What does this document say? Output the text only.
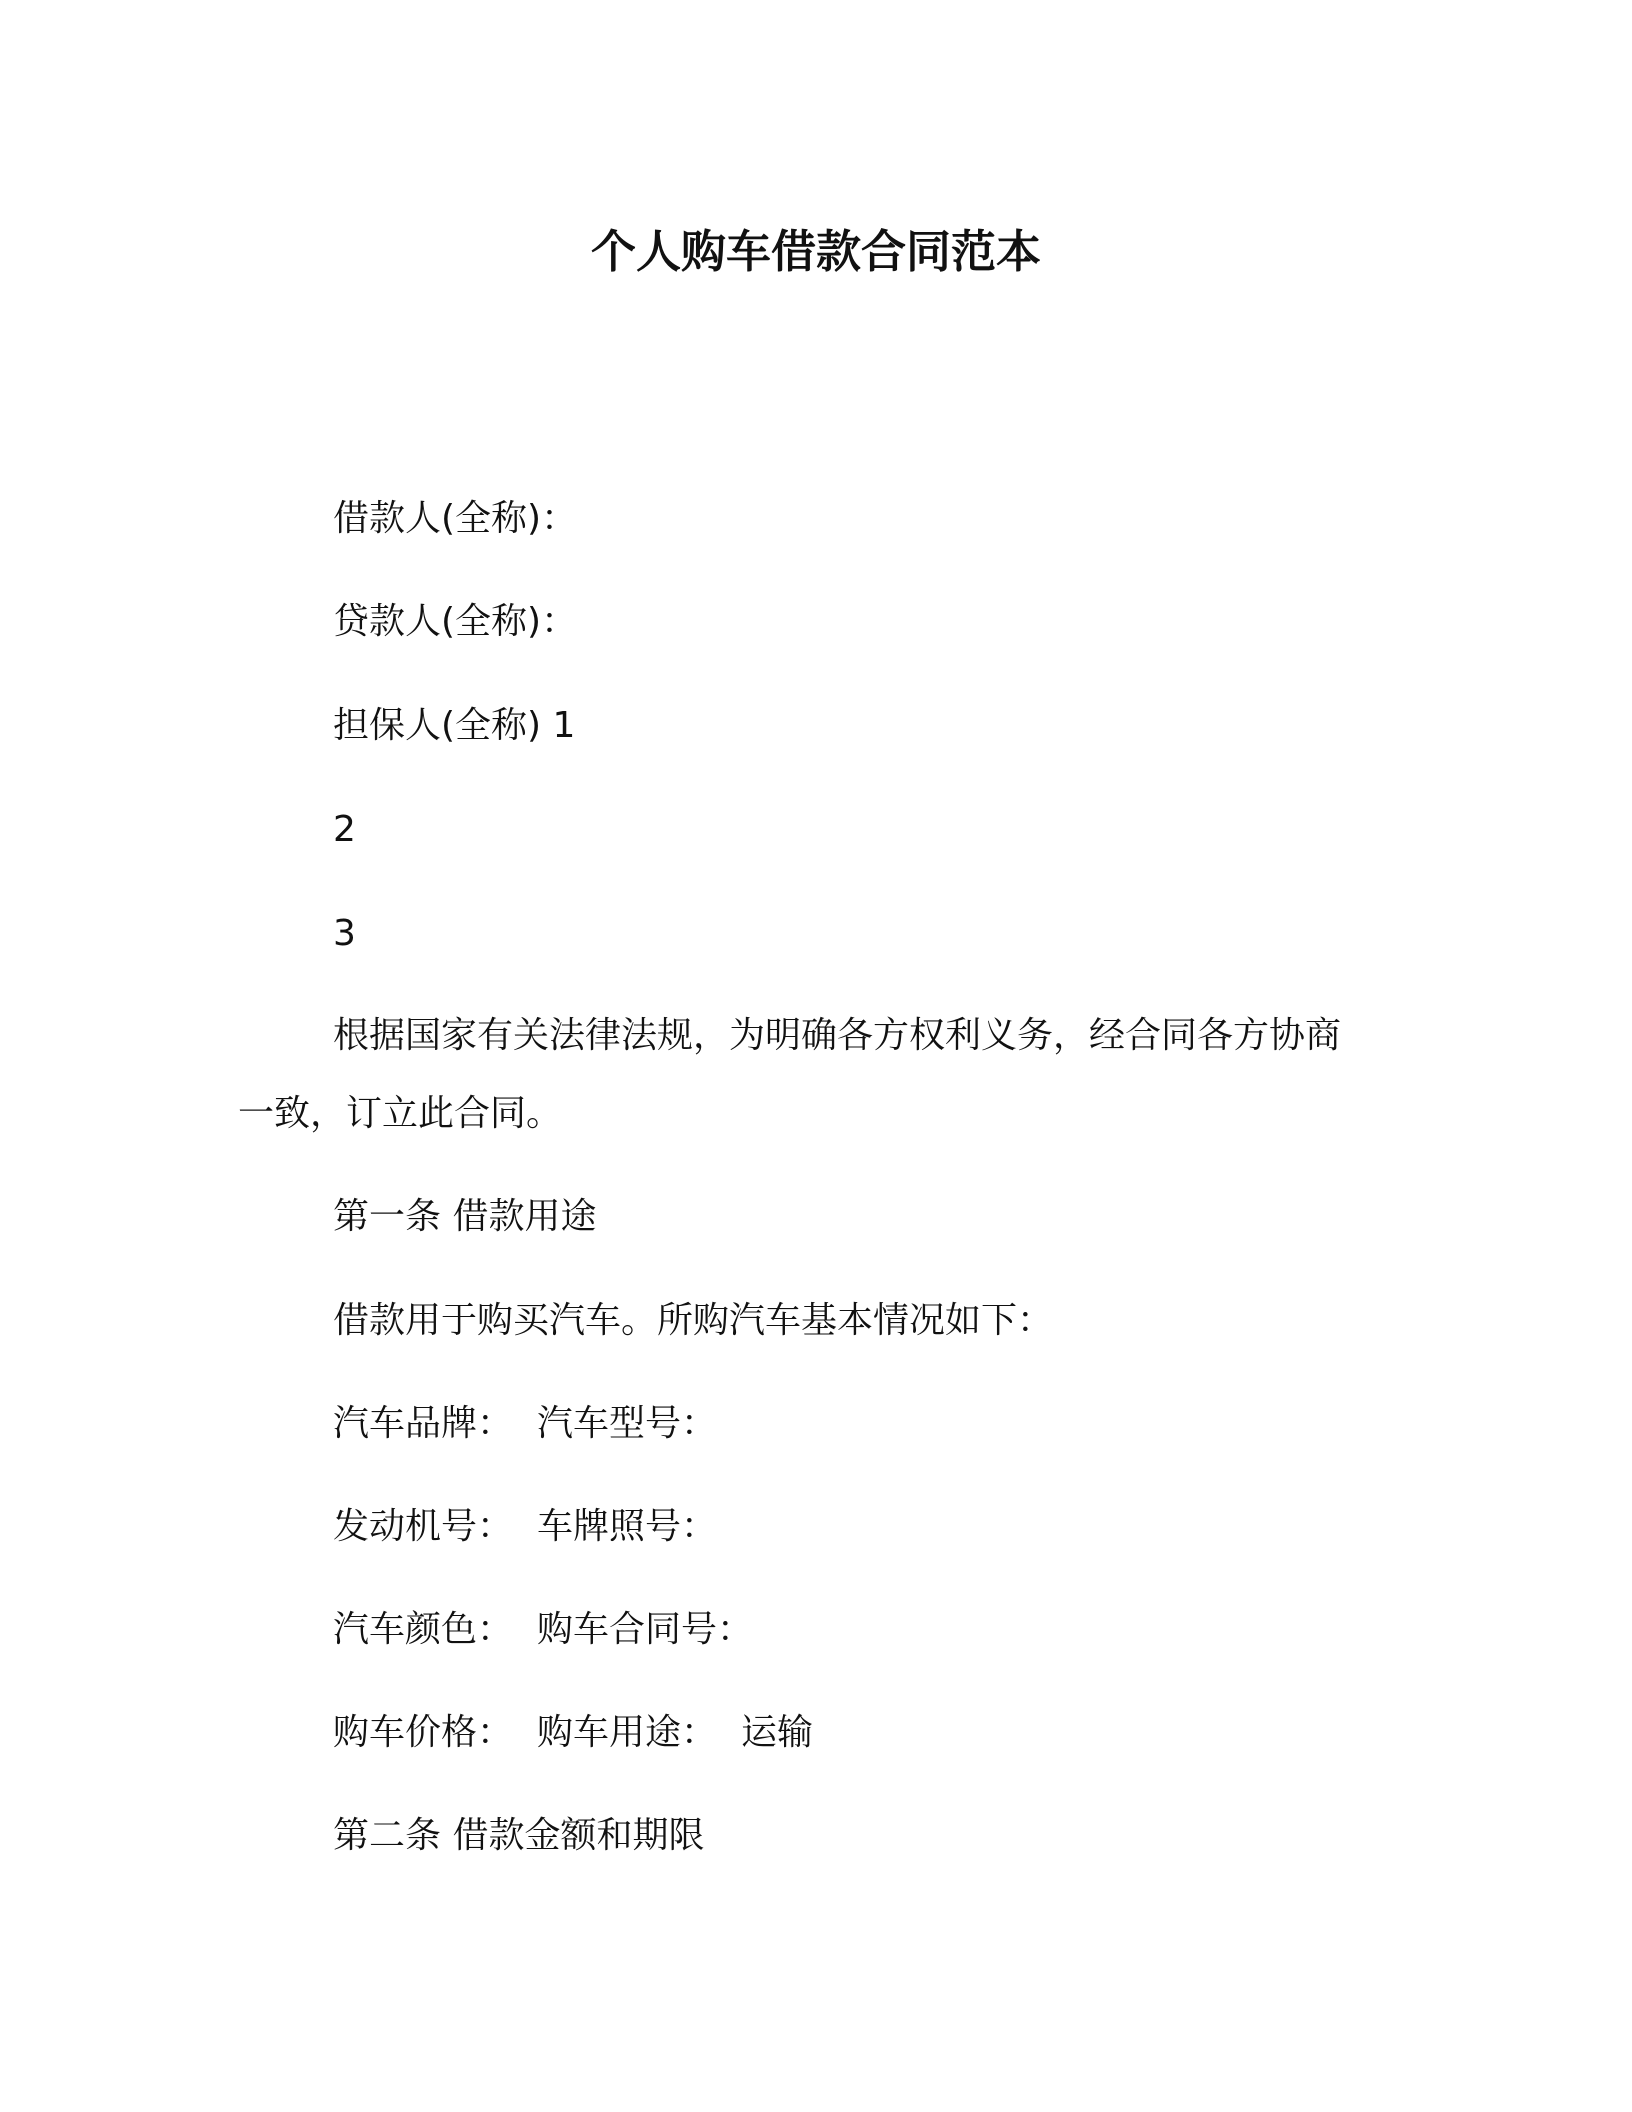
个人购车借款合同范本
借款人(全称)：
贷款人(全称)：
担保人(全称) 1
2
3
根据国家有关法律法规，为明确各方权利义务，经合同各方协商
一致，订立此合同。
第一条 借款用途
借款用于购买汽车。所购汽车基本情况如下：
汽车品牌： 汽车型号：
发动机号： 车牌照号：
汽车颜色： 购车合同号：
购车价格： 购车用途： 运输
第二条 借款金额和期限
